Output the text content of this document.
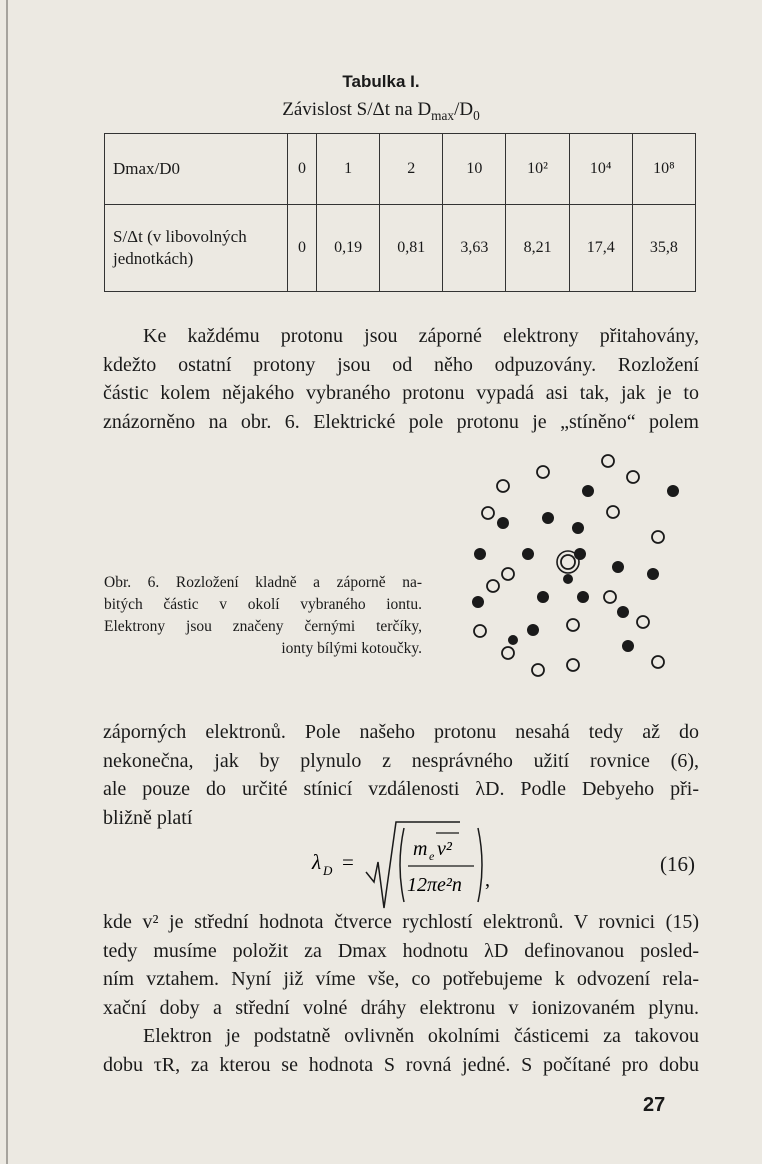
Tabulka I.
Závislost S/Δt na $D_{max}/D_0$
Dmax/D0	0	1	2	10	10²	10⁴	10⁸
S/Δt (v libovolných
jednotkách)	0	0,19	0,81	3,63	8,21	17,4	35,8
Ke každému protonu jsou záporné elektrony přitahovány,
kdežto ostatní protony jsou od něho odpuzovány. Rozložení
částic kolem nějakého vybraného protonu vypadá asi tak, jak je to
znázorněno na obr. 6. Elektrické pole protonu je „stíněno“ polem
Obr. 6. Rozložení kladně a záporně na-
bitých částic v okolí vybraného iontu.
Elektrony jsou značeny černými terčíky,
ionty bílými kotoučky.
záporných elektronů. Pole našeho protonu nesahá tedy až do
nekonečna, jak by plynulo z nesprávného užití rovnice (6),
ale pouze do určité stínicí vzdálenosti λD. Podle Debyeho při-
bližně platí
λ D =
m e v²
12πe²n ,
(16)
kde v² je střední hodnota čtverce rychlostí elektronů. V rovnici (15)
tedy musíme položit za Dmax hodnotu λD definovanou posled-
ním vztahem. Nyní již víme vše, co potřebujeme k odvození rela-
xační doby a střední volné dráhy elektronu v ionizovaném plynu.
Elektron je podstatně ovlivněn okolními částicemi za takovou
dobu τR, za kterou se hodnota S rovná jedné. S počítané pro dobu
27
